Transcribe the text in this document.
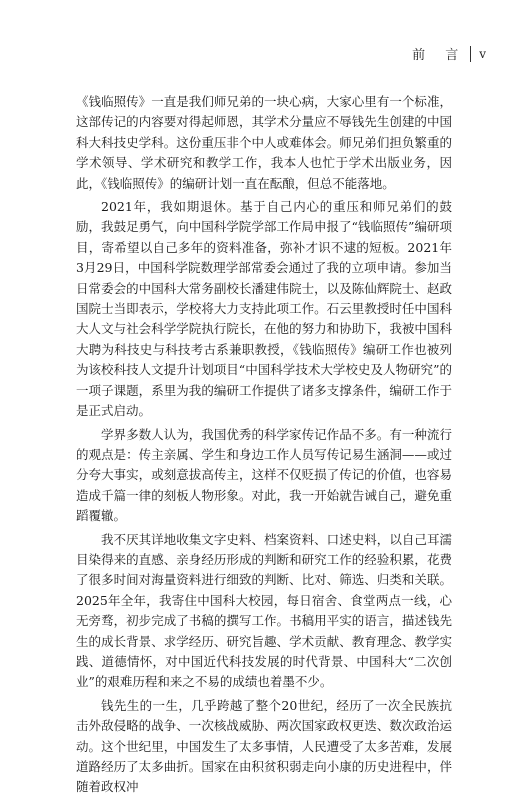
前 言 v

《钱临照传》一直是我们师兄弟的一块心病，大家心里有一个标准，这部传记的内容要对得起师恩，其学术分量应不辱钱先生创建的中国科大科技史学科。这份重压非个中人或难体会。师兄弟们担负繁重的学术领导、学术研究和教学工作，我本人也忙于学术出版业务，因此，《钱临照传》的编研计划一直在酝酿，但总不能落地。

2021年，我如期退休。基于自己内心的重压和师兄弟们的鼓励，我鼓足勇气，向中国科学院学部工作局申报了“钱临照传”编研项目，寄希望以自己多年的资料准备，弥补才识不逮的短板。2021年3月29日，中国科学院数理学部常委会通过了我的立项申请。参加当日常委会的中国科大常务副校长潘建伟院士，以及陈仙辉院士、赵政国院士当即表示，学校将大力支持此项工作。石云里教授时任中国科大人文与社会科学学院执行院长，在他的努力和协助下，我被中国科大聘为科技史与科技考古系兼职教授，《钱临照传》编研工作也被列为该校科技人文提升计划项目“中国科学技术大学校史及人物研究”的一项子课题，系里为我的编研工作提供了诸多支撑条件，编研工作于是正式启动。

学界多数人认为，我国优秀的科学家传记作品不多。有一种流行的观点是：传主亲属、学生和身边工作人员写传记易生涵洞——或过分夸大事实，或刻意拔高传主，这样不仅贬损了传记的价值，也容易造成千篇一律的刻板人物形象。对此，我一开始就告诫自己，避免重蹈覆辙。

我不厌其详地收集文字史料、档案资料、口述史料，以自己耳濡目染得来的直感、亲身经历形成的判断和研究工作的经验积累，花费了很多时间对海量资料进行细致的判断、比对、筛选、归类和关联。2025年全年，我寄住中国科大校园，每日宿舍、食堂两点一线，心无旁骛，初步完成了书稿的撰写工作。书稿用平实的语言，描述钱先生的成长背景、求学经历、研究旨趣、学术贡献、教育理念、教学实践、道德情怀，对中国近代科技发展的时代背景、中国科大“二次创业”的艰难历程和来之不易的成绩也着墨不少。

钱先生的一生，几乎跨越了整个20世纪，经历了一次全民族抗击外敌侵略的战争、一次核战威胁、两次国家政权更迭、数次政治运动。这个世纪里，中国发生了太多事情，人民遭受了太多苦难，发展道路经历了太多曲折。国家在由积贫积弱走向小康的历史进程中，伴随着政权冲
